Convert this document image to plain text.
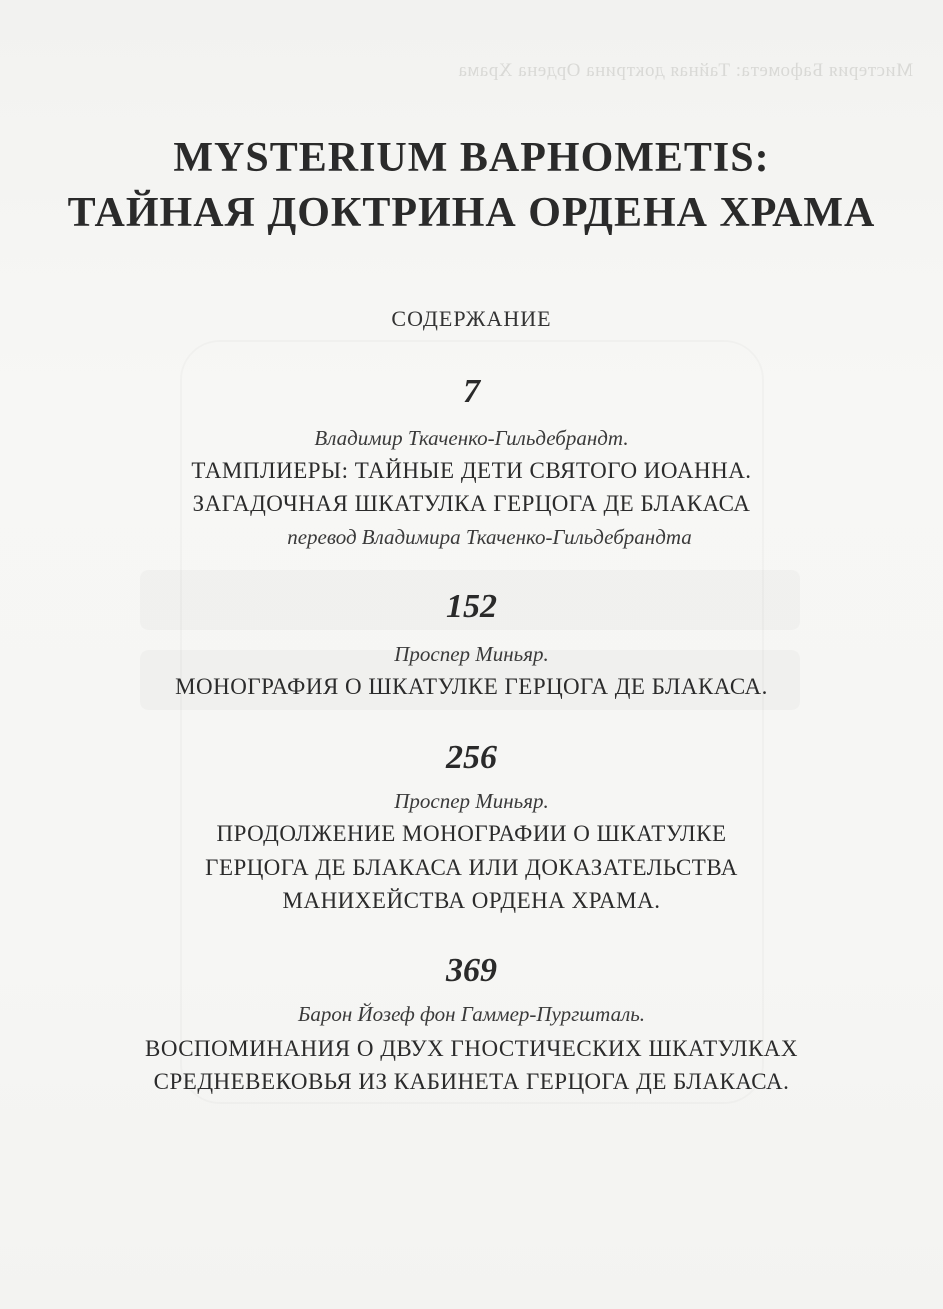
Мистерия Бафомета: Тайная доктрина Ордена Храма
MYSTERIUM BAPHOMETIS:
ТАЙНАЯ ДОКТРИНА ОРДЕНА ХРАМА
СОДЕРЖАНИЕ
7
Владимир Ткаченко-Гильдебрандт.
ТАМПЛИЕРЫ: ТАЙНЫЕ ДЕТИ СВЯТОГО ИОАННА.
ЗАГАДОЧНАЯ ШКАТУЛКА ГЕРЦОГА ДЕ БЛАКАСА
перевод Владимира Ткаченко-Гильдебрандта
152
Проспер Миньяр.
МОНОГРАФИЯ О ШКАТУЛКЕ ГЕРЦОГА ДЕ БЛАКАСА.
256
Проспер Миньяр.
ПРОДОЛЖЕНИЕ МОНОГРАФИИ О ШКАТУЛКЕ
ГЕРЦОГА ДЕ БЛАКАСА ИЛИ ДОКАЗАТЕЛЬСТВА
МАНИХЕЙСТВА ОРДЕНА ХРАМА.
369
Барон Йозеф фон Гаммер-Пургшталь.
ВОСПОМИНАНИЯ О ДВУХ ГНОСТИЧЕСКИХ ШКАТУЛКАХ
СРЕДНЕВЕКОВЬЯ ИЗ КАБИНЕТА ГЕРЦОГА ДЕ БЛАКАСА.
